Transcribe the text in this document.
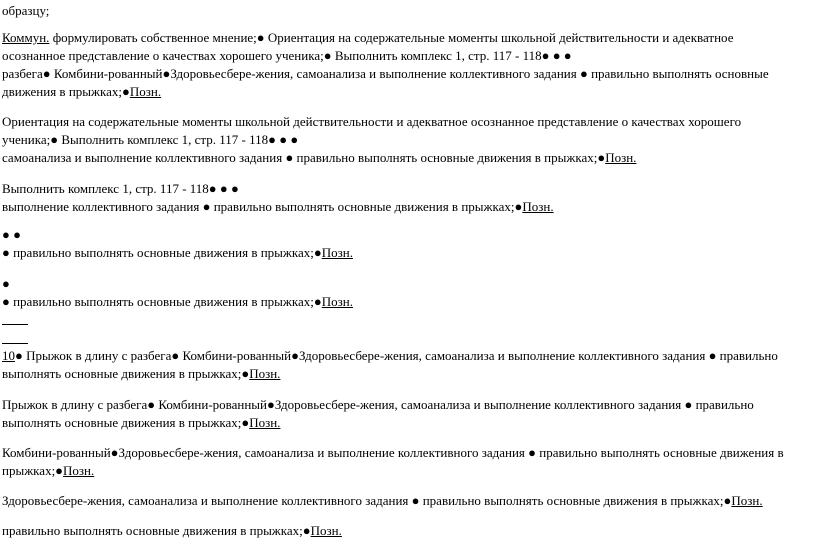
образцу;

Коммун. формулировать собственное мнение;● Ориентация на содержательные моменты школьной действительности и адекватное
осознанное представление о качествах хорошего ученика;● Выполнить комплекс 1, стр. 117 - 118● ● ●
разбега● Комбини-рованный●Здоровьесбере-жения, самоанализа и выполнение коллективного задания ● правильно выполнять основные
движения в прыжках;●Позн.

Ориентация на содержательные моменты школьной действительности и адекватное осознанное представление о качествах хорошего
ученика;● Выполнить комплекс 1, стр. 117 - 118● ● ●
самоанализа и выполнение коллективного задания ● правильно выполнять основные движения в прыжках;●Позн.

Выполнить комплекс 1, стр. 117 - 118● ● ●
выполнение коллективного задания ● правильно выполнять основные движения в прыжках;●Позн.

● ●
● правильно выполнять основные движения в прыжках;●Позн.

●
● правильно выполнять основные движения в прыжках;●Позн.

10● Прыжок в длину с разбега● Комбини-рованный●Здоровьесбере-жения, самоанализа и выполнение коллективного задания ● правильно
выполнять основные движения в прыжках;●Позн.

Прыжок в длину с разбега● Комбини-рованный●Здоровьесбере-жения, самоанализа и выполнение коллективного задания ● правильно
выполнять основные движения в прыжках;●Позн.

Комбини-рованный●Здоровьесбере-жения, самоанализа и выполнение коллективного задания ● правильно выполнять основные движения в
прыжках;●Позн.

Здоровьесбере-жения, самоанализа и выполнение коллективного задания ● правильно выполнять основные движения в прыжках;●Позн.

правильно выполнять основные движения в прыжках;●Позн.
